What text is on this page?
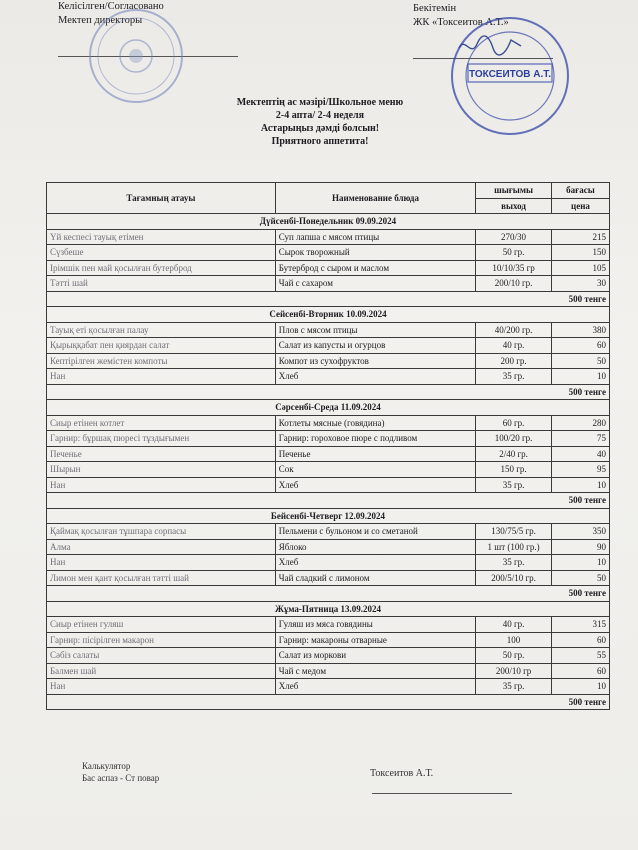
Келісілген/Согласовано
Мектеп директоры
Бекітемін
ЖК «Токсеитов А.Т.»
ТОКСЕИТОВ А.Т.
Мектептің ас мәзірі/Школьное меню
2-4 апта/ 2-4 неделя
Астарыңыз дәмді болсын!
Приятного аппетита!
Тағамның атауы	Наименование блюда	шығымы	бағасы
		выход	цена
Дүйсенбі-Понедельник 09.09.2024			
Үй кеспесі тауық етімен	Суп лапша с мясом птицы	270/30	215
Сүзбеше	Сырок творожный	50 гр.	150
Ірімшік пен май қосылған бутерброд	Бутерброд с сыром и маслом	10/10/35 гр	105
Тәтті шай	Чай с сахаром	200/10 гр.	30
500 тенге			
Сейсенбі-Вторник 10.09.2024			
Тауық еті қосылған палау	Плов с мясом птицы	40/200 гр.	380
Қырыққабат пен қиярдан салат	Салат из капусты и огурцов	40 гр.	60
Кептірілген жемістен компоты	Компот из сухофруктов	200 гр.	50
Нан	Хлеб	35 гр.	10
500 тенге			
Сәрсенбі-Среда 11.09.2024			
Сиыр етінен котлет	Котлеты мясные (говядина)	60 гр.	280
Гарнир: бұршақ пюресі тұздығымен	Гарнир: гороховое пюре с подливом	100/20 гр.	75
Печенье	Печенье	2/40 гр.	40
Шырын	Сок	150 гр.	95
Нан	Хлеб	35 гр.	10
500 тенге			
Бейсенбі-Четверг 12.09.2024			
Қаймақ қосылған тұшпара сорпасы	Пельмени с бульоном и со сметаной	130/75/5 гр.	350
Алма	Яблоко	1 шт (100 гр.)	90
Нан	Хлеб	35 гр.	10
Лимон мен қант қосылған тәтті шай	Чай сладкий с лимоном	200/5/10 гр.	50
500 тенге			
Жұма-Пятница 13.09.2024			
Сиыр етінен гуляш	Гуляш из мяса говядины	40 гр.	315
Гарнир: пісірілген макарон	Гарнир: макароны отварные	100	60
Сәбіз салаты	Салат из моркови	50 гр.	55
Балмен шай	Чай с медом	200/10 гр	60
Нан	Хлеб	35 гр.	10
500 тенге			
Калькулятор
Бас аспаз - Ст повар	Токсеитов А.Т.
